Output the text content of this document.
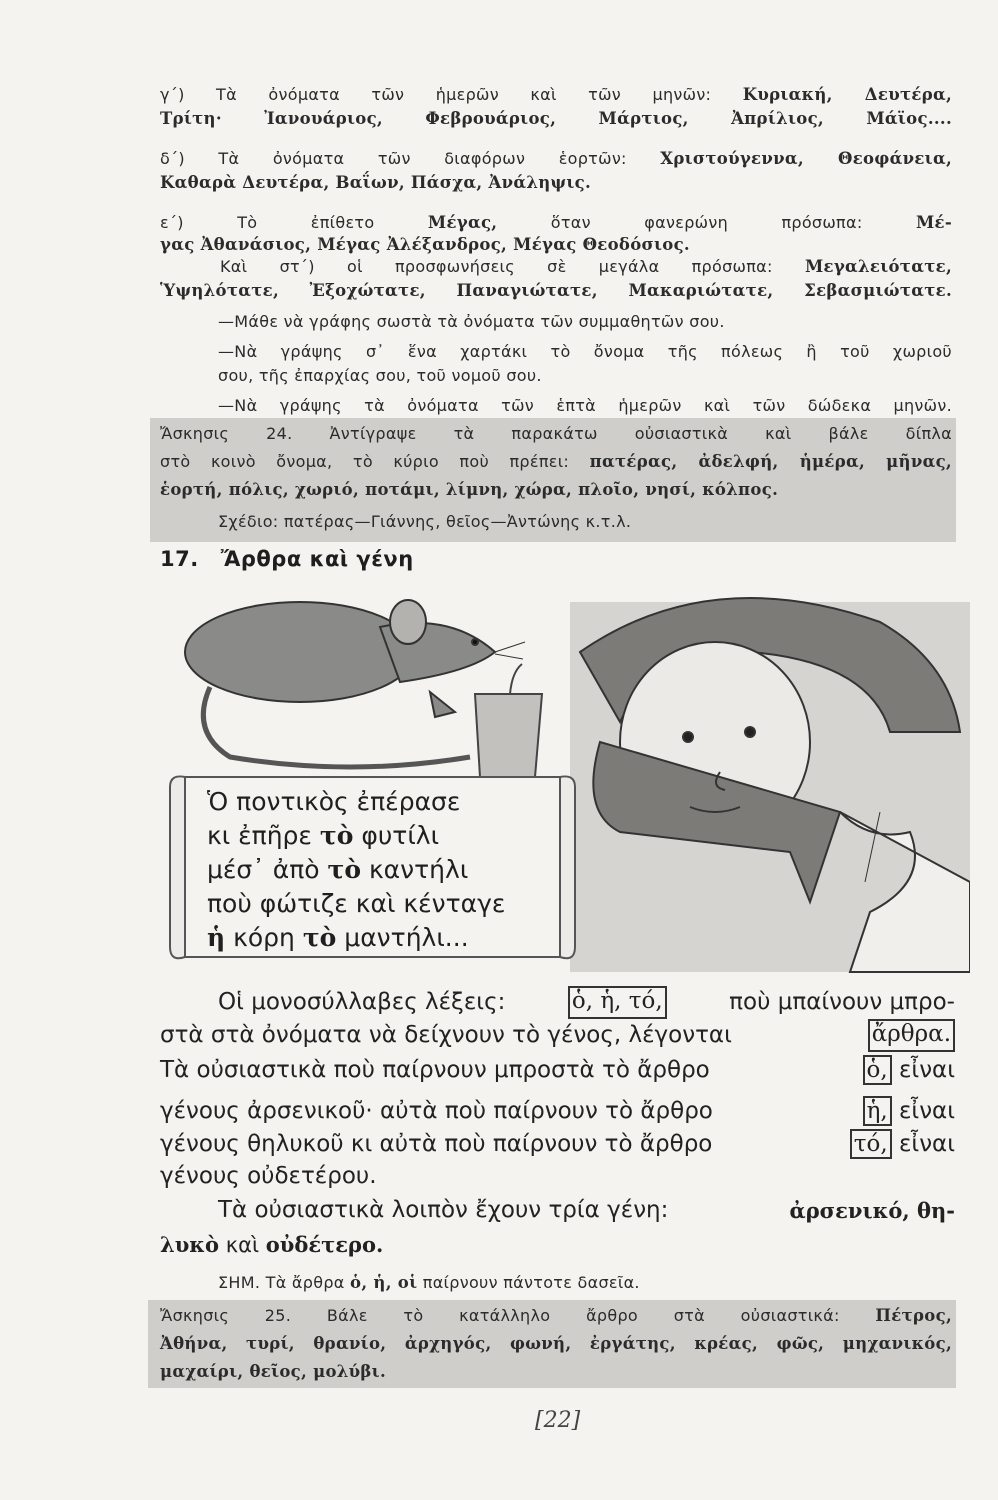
γ΄) Τὰ ὀνόματα τῶν ἡμερῶν καὶ τῶν μηνῶν: Κυριακή, Δευτέρα,
Τρίτη· Ἰανουάριος, Φεβρουάριος, Μάρτιος, Ἀπρίλιος, Μάϊος....
δ΄) Τὰ ὀνόματα τῶν διαφόρων ἑορτῶν: Χριστούγεννα, Θεοφάνεια,
Καθαρὰ Δευτέρα, Βαΐων, Πάσχα, Ἀνάληψις.
ε΄) Τὸ ἐπίθετο	Μέγας,	ὅταν φανερώνη πρόσωπα:	Μέ-
γας Ἀθανάσιος, Μέγας Ἀλέξανδρος, Μέγας Θεοδόσιος.
Καὶ στ΄) οἱ προσφωνήσεις σὲ μεγάλα πρόσωπα: Μεγαλειότατε,
Ὑψηλότατε, Ἐξοχώτατε, Παναγιώτατε, Μακαριώτατε, Σεβασμιώτατε.
—Μάθε νὰ γράφης σωστὰ τὰ ὀνόματα τῶν συμμαθητῶν σου.
—Νὰ γράψης σ᾽ ἕνα χαρτάκι τὸ ὄνομα τῆς πόλεως ἢ τοῦ χωριοῦ
σου, τῆς ἐπαρχίας σου, τοῦ νομοῦ σου.
—Νὰ γράψης τὰ ὀνόματα τῶν ἑπτὰ ἡμερῶν καὶ τῶν δώδεκα μηνῶν.
Ἄσκησις 24. Ἀντίγραψε τὰ παρακάτω οὐσιαστικὰ καὶ βάλε δίπλα
στὸ κοινὸ ὄνομα, τὸ κύριο ποὺ πρέπει: πατέρας, ἀδελφή, ἡμέρα, μῆνας,
ἑορτή, πόλις, χωριό, ποτάμι, λίμνη, χώρα, πλοῖο, νησί, κόλπος.
Σχέδιο: πατέρας—Γιάννης, θεῖος—Ἀντώνης κ.τ.λ.
17. Ἄρθρα καὶ γένη
Ὁ ποντικὸς ἐπέρασε
κι ἐπῆρε τὸ φυτίλι
μέσ᾽ ἀπὸ τὸ καντήλι
ποὺ φώτιζε καὶ κένταγε
ἡ κόρη τὸ μαντήλι...
Οἱ μονοσύλλαβες λέξεις:	ὁ, ἡ, τό,	ποὺ μπαίνουν μπρο-
στὰ στὰ ὀνόματα νὰ δείχνουν τὸ γένος, λέγονται	ἄρθρα.
Τὰ οὐσιαστικὰ ποὺ παίρνουν μπροστὰ τὸ ἄρθρο	ὁ, εἶναι
γένους ἀρσενικοῦ· αὐτὰ ποὺ παίρνουν τὸ ἄρθρο	ἡ, εἶναι
γένους θηλυκοῦ κι αὐτὰ ποὺ παίρνουν τὸ ἄρθρο	τό, εἶναι
γένους οὐδετέρου.
Τὰ οὐσιαστικὰ λοιπὸν ἔχουν τρία γένη:	ἀρσενικό, θη-
λυκὸ καὶ οὐδέτερο.
ΣΗΜ. Τὰ ἄρθρα ὁ, ἡ, οἱ παίρνουν πάντοτε δασεῖα.
Ἄσκησις 25. Βάλε τὸ κατάλληλο ἄρθρο στὰ οὐσιαστικά: Πέτρος,
Ἀθήνα, τυρί, θρανίο, ἀρχηγός, φωνή, ἐργάτης, κρέας, φῶς, μηχανικός,
μαχαίρι, θεῖος, μολύβι.
[22]
